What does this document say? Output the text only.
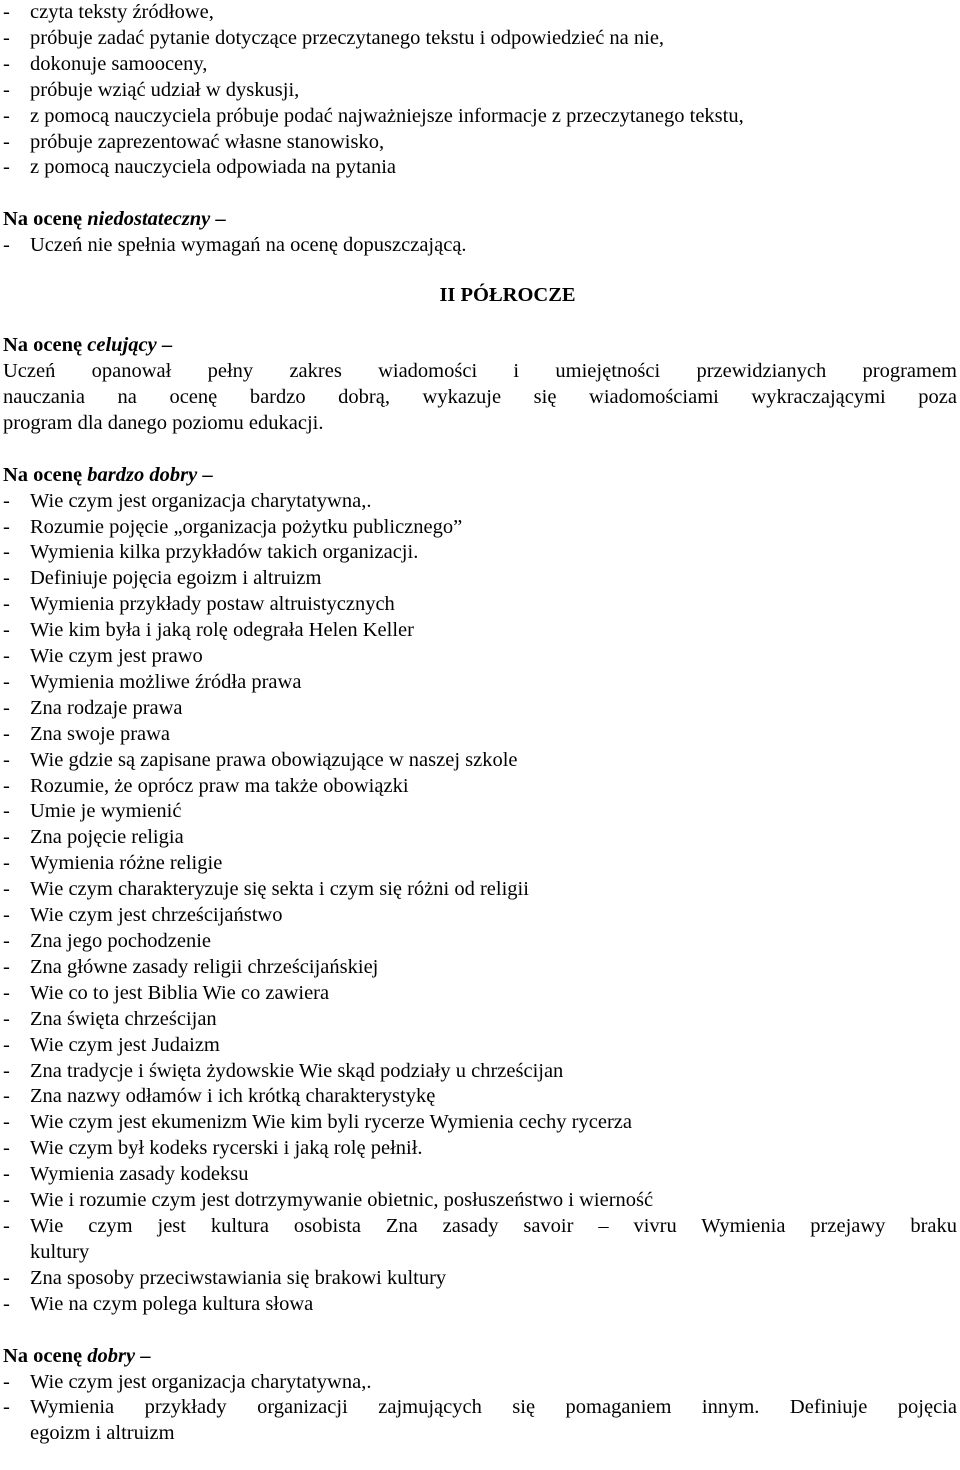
- czyta teksty źródłowe,
- próbuje zadać pytanie dotyczące przeczytanego tekstu i odpowiedzieć na nie,
- dokonuje samooceny,
- próbuje wziąć udział w dyskusji,
- z pomocą nauczyciela próbuje podać najważniejsze informacje z przeczytanego tekstu,
- próbuje zaprezentować własne stanowisko,
- z pomocą nauczyciela odpowiada na pytania
Na ocenę niedostateczny –
- Uczeń nie spełnia wymagań na ocenę dopuszczającą.
II PÓŁROCZE
Na ocenę celujący –
Uczeń opanował pełny zakres wiadomości i umiejętności przewidzianych programem
nauczania na ocenę bardzo dobrą, wykazuje się wiadomościami wykraczającymi poza
program dla danego poziomu edukacji.
Na ocenę bardzo dobry –
- Wie czym jest organizacja charytatywna,.
- Rozumie pojęcie „organizacja pożytku publicznego”
- Wymienia kilka przykładów takich organizacji.
- Definiuje pojęcia egoizm i altruizm
- Wymienia przykłady postaw altruistycznych
- Wie kim była i jaką rolę odegrała Helen Keller
- Wie czym jest prawo
- Wymienia możliwe źródła prawa
- Zna rodzaje prawa
- Zna swoje prawa
- Wie gdzie są zapisane prawa obowiązujące w naszej szkole
- Rozumie, że oprócz praw ma także obowiązki
- Umie je wymienić
- Zna pojęcie religia
- Wymienia różne religie
- Wie czym charakteryzuje się sekta i czym się różni od religii
- Wie czym jest chrześcijaństwo
- Zna jego pochodzenie
- Zna główne zasady religii chrześcijańskiej
- Wie co to jest Biblia Wie co zawiera
- Zna święta chrześcijan
- Wie czym jest Judaizm
- Zna tradycje i święta żydowskie Wie skąd podziały u chrześcijan
- Zna nazwy odłamów i ich krótką charakterystykę
- Wie czym jest ekumenizm Wie kim byli rycerze Wymienia cechy rycerza
- Wie czym był kodeks rycerski i jaką rolę pełnił.
- Wymienia zasady kodeksu
- Wie i rozumie czym jest dotrzymywanie obietnic, posłuszeństwo i wierność
- Wie czym jest kultura osobista Zna zasady savoir – vivru Wymienia przejawy braku
kultury
- Zna sposoby przeciwstawiania się brakowi kultury
- Wie na czym polega kultura słowa
Na ocenę dobry –
- Wie czym jest organizacja charytatywna,.
- Wymienia przykłady organizacji zajmujących się pomaganiem innym. Definiuje pojęcia
egoizm i altruizm
